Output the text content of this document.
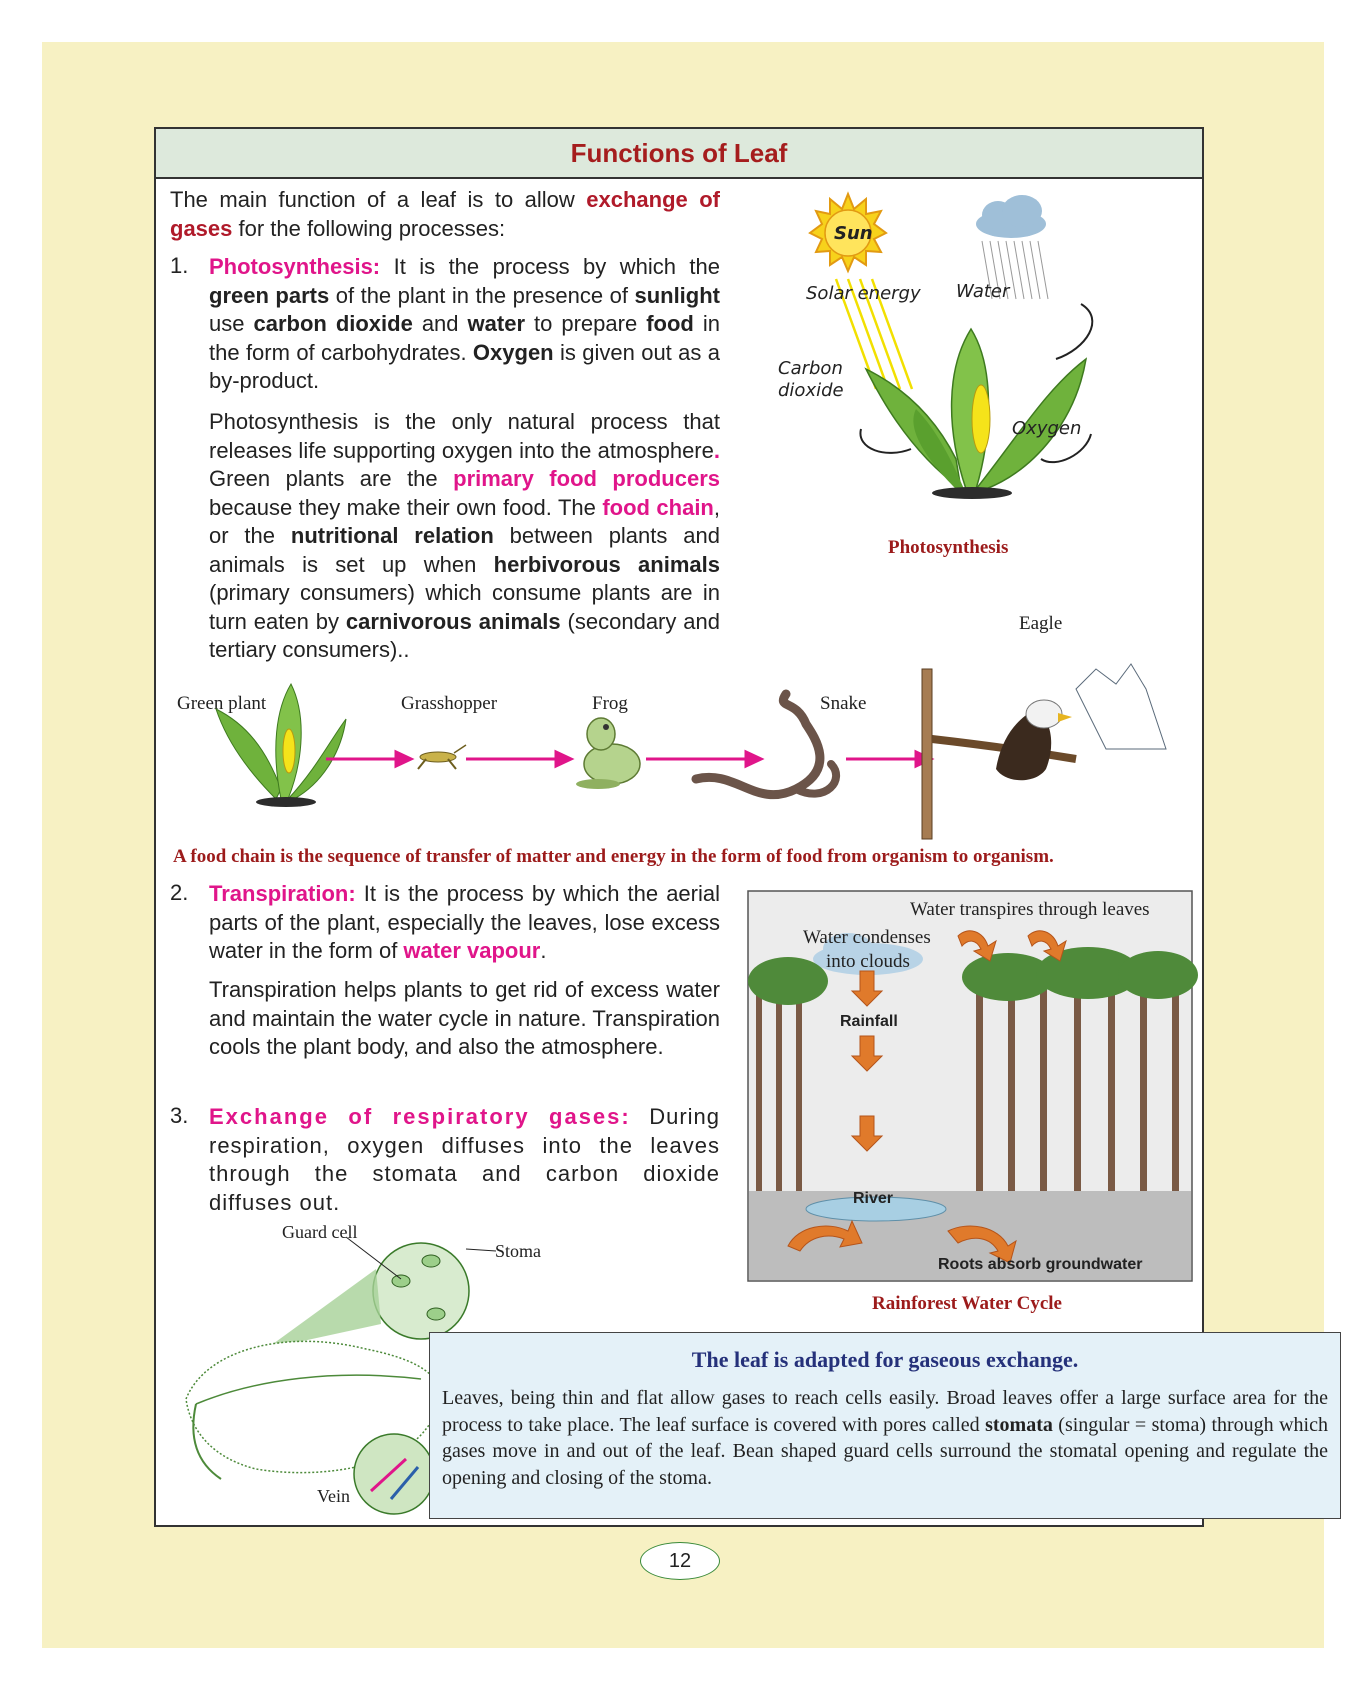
Functions of Leaf
The main function of a leaf is to allow exchange of gases for the following processes:
1. Photosynthesis: It is the process by which the green parts of the plant in the presence of sunlight use carbon dioxide and water to prepare food in the form of carbohydrates. Oxygen is given out as a by-product.
Photosynthesis is the only natural process that releases life supporting oxygen into the atmosphere. Green plants are the primary food producers because they make their own food. The food chain, or the nutritional relation between plants and animals is set up when herbivorous animals (primary consumers) which consume plants are in turn eaten by carnivorous animals (secondary and tertiary consumers)..
Sun
Solar energy Water
Carbon
dioxide
Oxygen
Photosynthesis
Green plant	Grasshopper	Frog	Snake
Eagle
A food chain is the sequence of transfer of matter and energy in the form of food from organism to organism.
2. Transpiration: It is the process by which the aerial parts of the plant, especially the leaves, lose excess water in the form of water vapour.
Transpiration helps plants to get rid of excess water and maintain the water cycle in nature. Transpiration cools the plant body, and also the atmosphere.
3. Exchange of respiratory gases: During respiration, oxygen diffuses into the leaves through the stomata and carbon dioxide diffuses out.
Water transpires through leaves
Water condenses
into clouds
Rainfall
River
Roots absorb groundwater
Rainforest Water Cycle
Guard cell
Stoma
Vein
The leaf is adapted for gaseous exchange.
Leaves, being thin and flat allow gases to reach cells easily. Broad leaves offer a large surface area for the process to take place. The leaf surface is covered with pores called stomata (singular = stoma) through which gases move in and out of the leaf. Bean shaped guard cells surround the stomatal opening and regulate the opening and closing of the stoma.
12
